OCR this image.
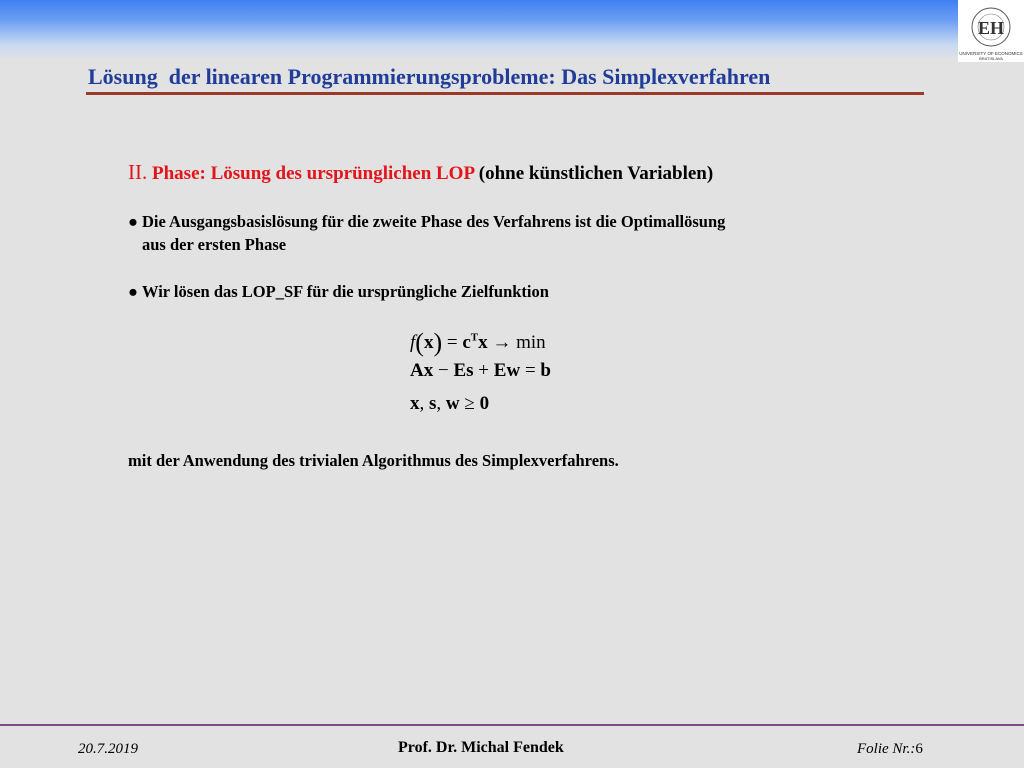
EH
UNIVERSITY OF ECONOMICS
BRATISLAVA
Lösung  der linearen Programmierungsprobleme: Das Simplexverfahren
II. Phase: Lösung des ursprünglichen LOP (ohne künstlichen Variablen)
● Die Ausgangsbasislösung für die zweite Phase des Verfahrens ist die Optimallösung
aus der ersten Phase
● Wir lösen das LOP_SF für die ursprüngliche Zielfunktion
$f(x) = c^Tx \to \min$
Ax − Es + Ew = b
x, s, w ≥ 0
mit der Anwendung des trivialen Algorithmus des Simplexverfahrens.
20.7.2019	Prof. Dr. Michal Fendek	Folie Nr.:6
